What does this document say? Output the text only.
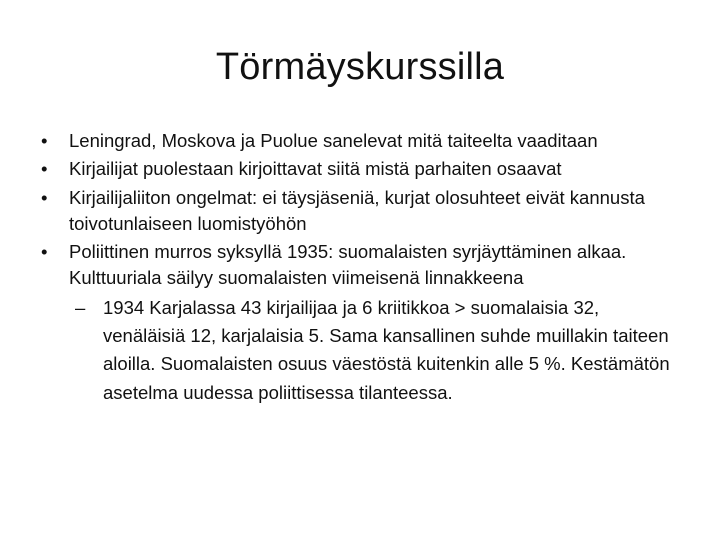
Törmäyskurssilla
•	Leningrad, Moskova ja Puolue sanelevat mitä taiteelta vaaditaan
•	Kirjailijat puolestaan kirjoittavat siitä mistä parhaiten osaavat
•	Kirjailijaliiton ongelmat: ei täysjäseniä, kurjat olosuhteet eivät kannusta toivotunlaiseen luomistyöhön
•	Poliittinen murros syksyllä 1935: suomalaisten syrjäyttäminen alkaa. Kulttuuriala säilyy suomalaisten viimeisenä linnakkeena
– 1934 Karjalassa 43 kirjailijaa ja 6 kriitikkoa > suomalaisia 32, venäläisiä 12, karjalaisia 5. Sama kansallinen suhde muillakin taiteen aloilla. Suomalaisten osuus väestöstä kuitenkin alle 5 %. Kestämätön asetelma uudessa poliittisessa tilanteessa.
